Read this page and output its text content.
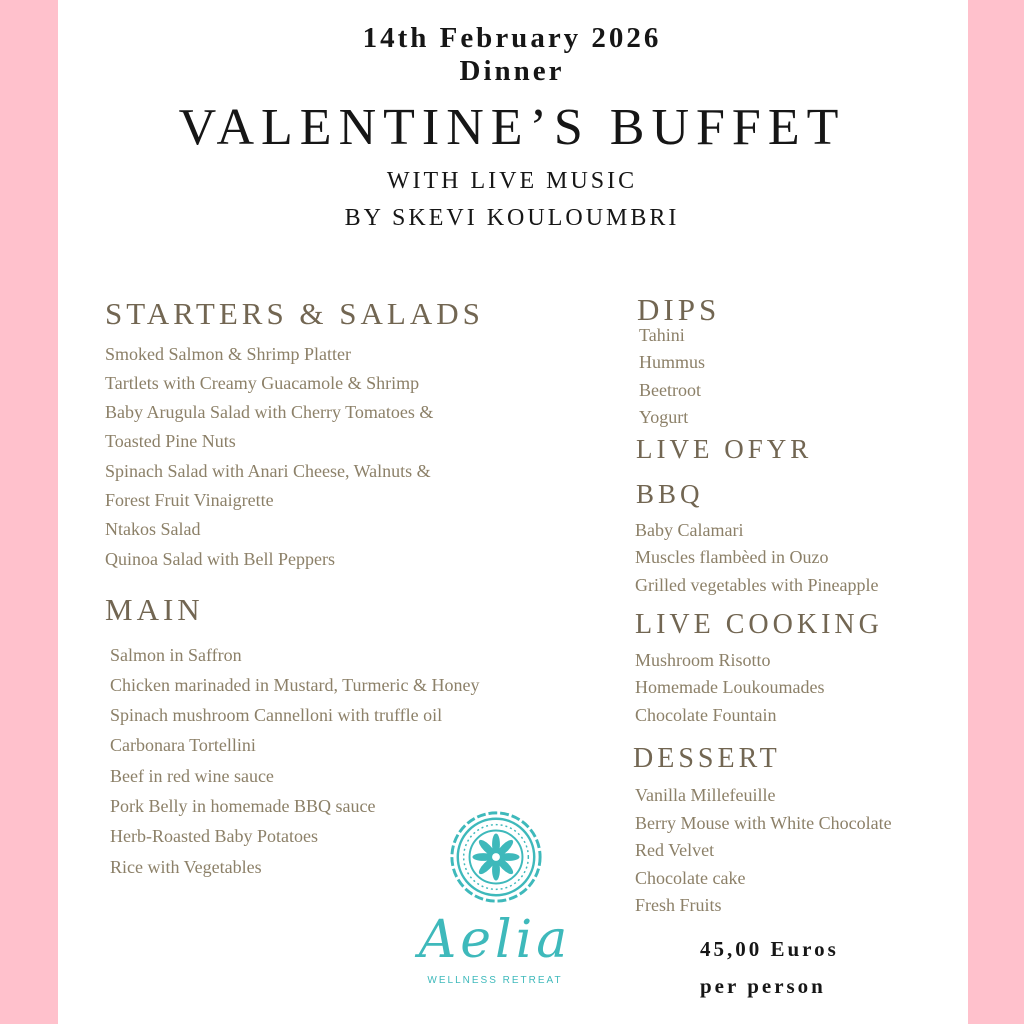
14th February 2026
Dinner
VALENTINE’S BUFFET
WITH LIVE MUSIC
BY SKEVI KOULOUMBRI
STARTERS & SALADS
Smoked Salmon & Shrimp Platter
Tartlets with Creamy Guacamole & Shrimp
Baby Arugula Salad with Cherry Tomatoes &
Toasted Pine Nuts
Spinach Salad with Anari Cheese, Walnuts &
Forest Fruit Vinaigrette
Ntakos Salad
Quinoa Salad with Bell Peppers
MAIN
Salmon in Saffron
Chicken marinaded in Mustard, Turmeric & Honey
Spinach mushroom Cannelloni with truffle oil
Carbonara Tortellini
Beef in red wine sauce
Pork Belly in homemade BBQ sauce
Herb-Roasted Baby Potatoes
Rice with Vegetables
DIPS
Tahini
Hummus
Beetroot
Yogurt
LIVE OFYR
BBQ
Baby Calamari
Muscles flambèed in Ouzo
Grilled vegetables with Pineapple
LIVE COOKING
Mushroom Risotto
Homemade Loukoumades
Chocolate Fountain
DESSERT
Vanilla Millefeuille
Berry Mouse with White Chocolate
Red Velvet
Chocolate cake
Fresh Fruits
45,00 Euros
per person
Aelia
WELLNESS RETREAT
